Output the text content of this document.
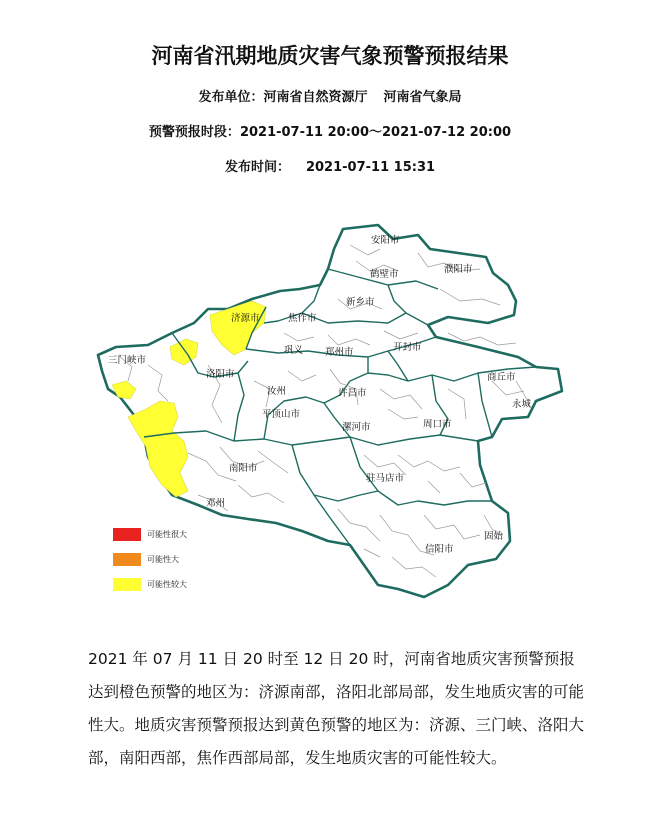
河南省汛期地质灾害气象预警预报结果
发布单位：河南省自然资源厅 河南省气象局
预警预报时段：2021-07-11 20:00～2021-07-12 20:00
发布时间： 2021-07-11 15:31
安阳市
鹤壁市	濮阳市
新乡市
济源市	焦作市
三门峡市
巩义 郑州市	开封市
商丘市
洛阳市
汝州	许昌市
永城
平顶山市
漯河市	周口市
南阳市
驻马店市
邓州
固始
信阳市
可能性很大
可能性大
可能性较大
2021 年 07 月 11 日 20 时至 12 日 20 时，河南省地质灾害预警预报达到橙色预警的地区为：济源南部，洛阳北部局部，发生地质灾害的可能性大。地质灾害预警预报达到黄色预警的地区为：济源、三门峡、洛阳大部，南阳西部，焦作西部局部，发生地质灾害的可能性较大。
